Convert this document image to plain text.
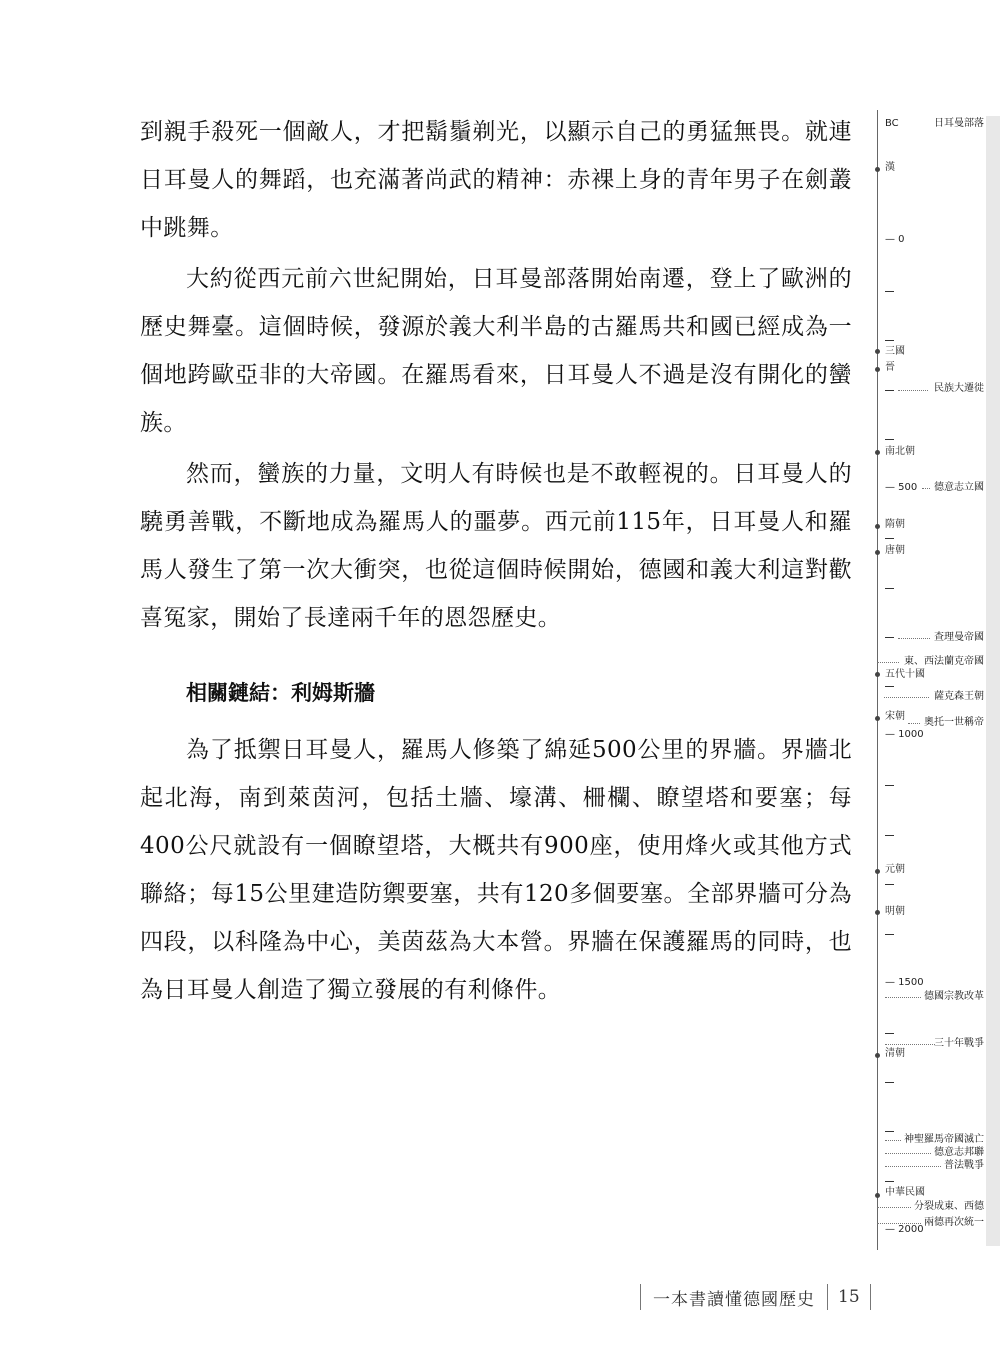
到親手殺死一個敵人，才把鬍鬚剃光，以顯示自己的勇猛無畏。就連日耳曼人的舞蹈，也充滿著尚武的精神：赤裸上身的青年男子在劍叢中跳舞。

大約從西元前六世紀開始，日耳曼部落開始南遷，登上了歐洲的歷史舞臺。這個時候，發源於義大利半島的古羅馬共和國已經成為一個地跨歐亞非的大帝國。在羅馬看來，日耳曼人不過是沒有開化的蠻族。

然而，蠻族的力量，文明人有時候也是不敢輕視的。日耳曼人的驍勇善戰，不斷地成為羅馬人的噩夢。西元前115年，日耳曼人和羅馬人發生了第一次大衝突，也從這個時候開始，德國和義大利這對歡喜冤家，開始了長達兩千年的恩怨歷史。

相關鏈結：利姆斯牆

為了抵禦日耳曼人，羅馬人修築了綿延500公里的界牆。界牆北起北海，南到萊茵河，包括土牆、壕溝、柵欄、瞭望塔和要塞；每400公尺就設有一個瞭望塔，大概共有900座，使用烽火或其他方式聯絡；每15公里建造防禦要塞，共有120多個要塞。全部界牆可分為四段，以科隆為中心，美茵茲為大本營。界牆在保護羅馬的同時，也為日耳曼人創造了獨立發展的有利條件。

BC
— 0
— 500
— 1000
— 1500
— 2000
漢
三國
晉
南北朝
隋朝
唐朝
五代十國
宋朝
元朝
明朝
清朝
中華民國
日耳曼部落
民族大遷徙
德意志立國
查理曼帝國
東、西法蘭克帝國
薩克森王朝
奧托一世稱帝
德國宗教改革
三十年戰爭
神聖羅馬帝國滅亡
德意志邦聯
普法戰爭
分裂成東、西德
兩德再次統一
一本書讀懂德國歷史	15
